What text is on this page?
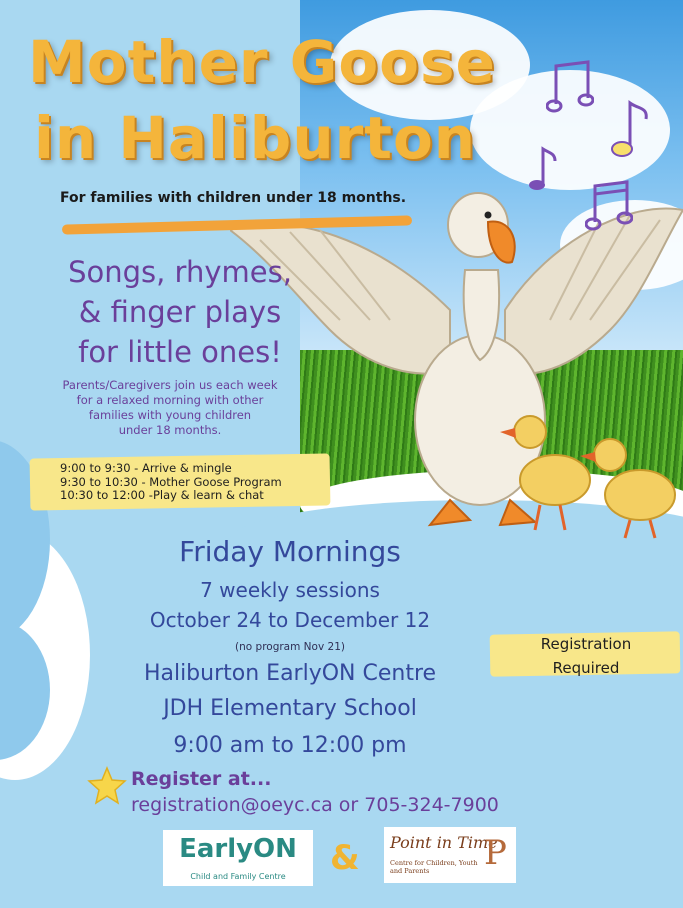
Mother Goose
in Haliburton
For families with children under 18 months.
Songs, rhymes,
& finger plays
for little ones!
Parents/Caregivers join us each week
for a relaxed morning with other
families with young children
under 18 months.
9:00 to 9:30 - Arrive & mingle
9:30 to 10:30 - Mother Goose Program
10:30 to 12:00 -Play & learn & chat
Friday Mornings
7 weekly sessions
October 24 to December 12
(no program Nov 21)
Haliburton EarlyON Centre
JDH Elementary School
9:00 am to 12:00 pm
Registration
Required
Register at...
registration@oeyc.ca or 705-324-7900
EarlyON
Child and Family Centre	& Point in Time
Centre for Children, Youth and Parents	P
